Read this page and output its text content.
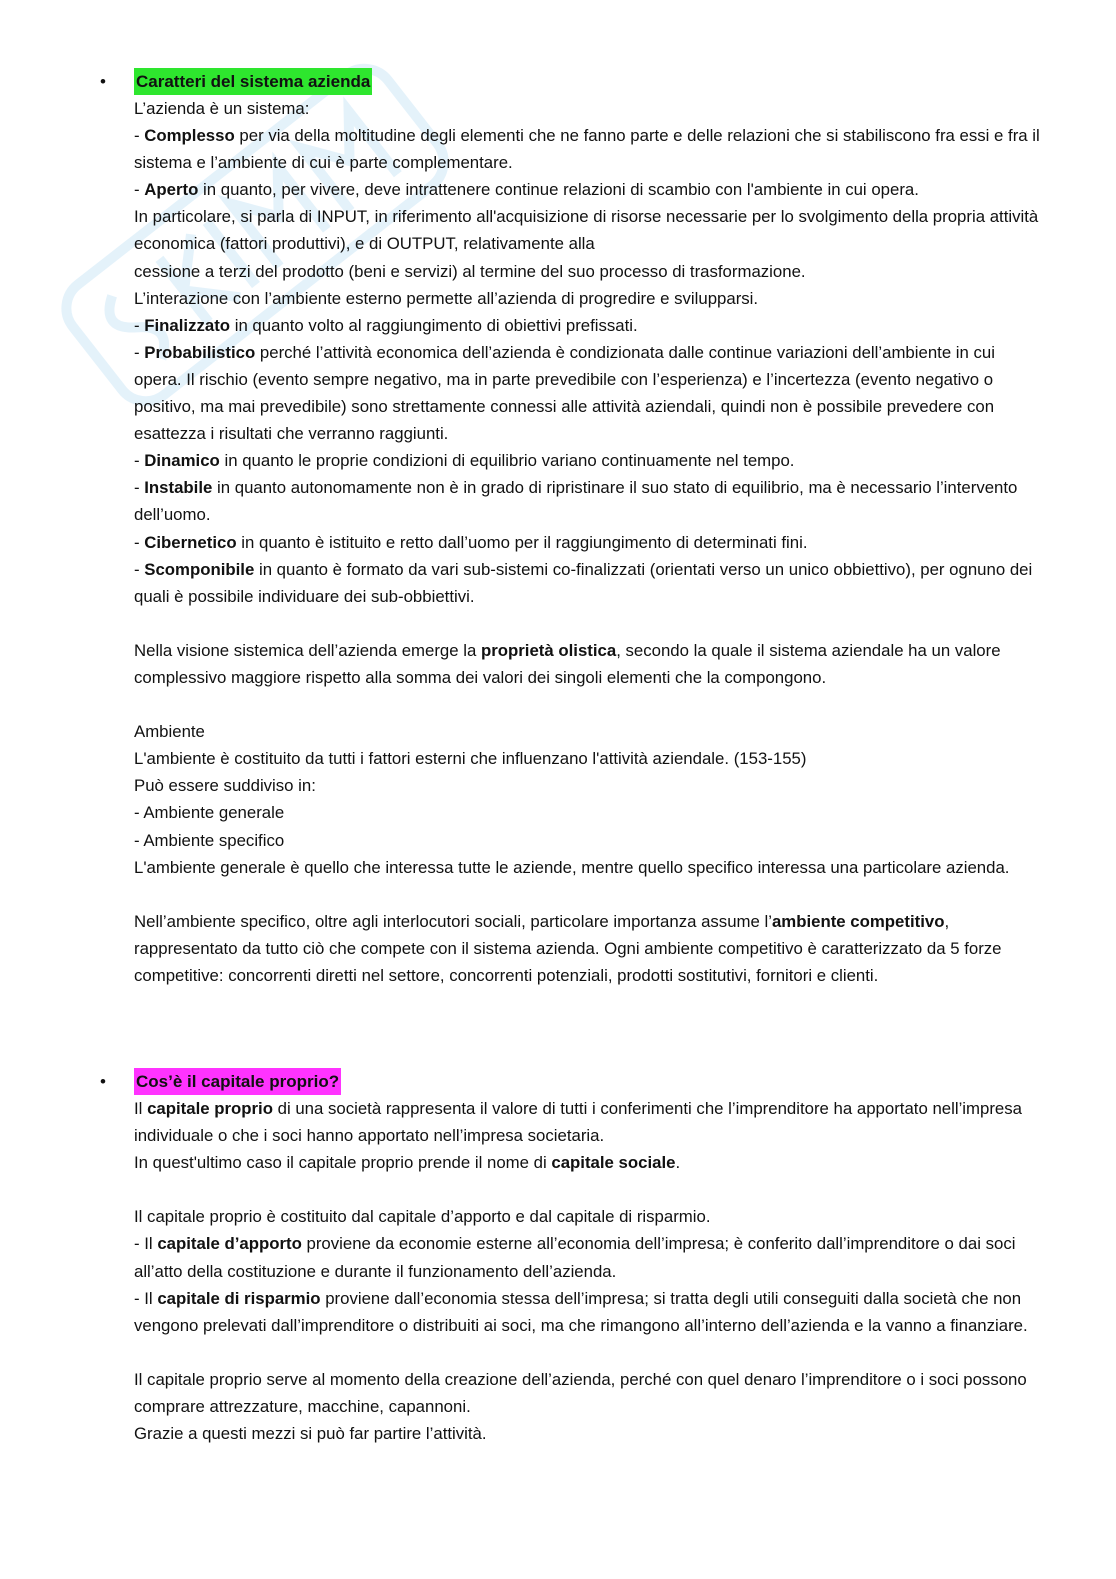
•	Caratteri del sistema azienda

L’azienda è un sistema:

- Complesso per via della moltitudine degli elementi che ne fanno parte e delle relazioni che si stabiliscono fra essi e fra il sistema e l’ambiente di cui è parte complementare.

- Aperto in quanto, per vivere, deve intrattenere continue relazioni di scambio con l'ambiente in cui opera.

In particolare, si parla di INPUT, in riferimento all'acquisizione di risorse necessarie per lo svolgimento della propria attività economica (fattori produttivi), e di OUTPUT, relativamente alla

cessione a terzi del prodotto (beni e servizi) al termine del suo processo di trasformazione.

L’interazione con l’ambiente esterno permette all’azienda di progredire e svilupparsi.

- Finalizzato in quanto volto al raggiungimento di obiettivi prefissati.

- Probabilistico perché l’attività economica dell’azienda è condizionata dalle continue variazioni dell’ambiente in cui opera. Il rischio (evento sempre negativo, ma in parte prevedibile con l’esperienza) e l’incertezza (evento negativo o positivo, ma mai prevedibile) sono strettamente connessi alle attività aziendali, quindi non è possibile prevedere con esattezza i risultati che verranno raggiunti.

- Dinamico in quanto le proprie condizioni di equilibrio variano continuamente nel tempo.

- Instabile in quanto autonomamente non è in grado di ripristinare il suo stato di equilibrio, ma è necessario l’intervento dell’uomo.

- Cibernetico in quanto è istituito e retto dall’uomo per il raggiungimento di determinati fini.

- Scomponibile in quanto è formato da vari sub-sistemi co-finalizzati (orientati verso un unico obbiettivo), per ognuno dei quali è possibile individuare dei sub-obbiettivi.

Nella visione sistemica dell’azienda emerge la proprietà olistica, secondo la quale il sistema aziendale ha un valore complessivo maggiore rispetto alla somma dei valori dei singoli elementi che la compongono.

Ambiente

L'ambiente è costituito da tutti i fattori esterni che influenzano l'attività aziendale. (153-155)

Può essere suddiviso in:

- Ambiente generale

- Ambiente specifico

L'ambiente generale è quello che interessa tutte le aziende, mentre quello specifico interessa una particolare azienda.

Nell’ambiente specifico, oltre agli interlocutori sociali, particolare importanza assume l’ambiente competitivo, rappresentato da tutto ciò che compete con il sistema azienda. Ogni ambiente competitivo è caratterizzato da 5 forze competitive: concorrenti diretti nel settore, concorrenti potenziali, prodotti sostitutivi, fornitori e clienti.

•	Cos’è il capitale proprio?

Il capitale proprio di una società rappresenta il valore di tutti i conferimenti che l’imprenditore ha apportato nell’impresa individuale o che i soci hanno apportato nell’impresa societaria.

In quest'ultimo caso il capitale proprio prende il nome di capitale sociale.

Il capitale proprio è costituito dal capitale d’apporto e dal capitale di risparmio.

- Il capitale d’apporto proviene da economie esterne all’economia dell’impresa; è conferito dall’imprenditore o dai soci all’atto della costituzione e durante il funzionamento dell’azienda.

- Il capitale di risparmio proviene dall’economia stessa dell’impresa; si tratta degli utili conseguiti dalla società che non vengono prelevati dall’imprenditore o distribuiti ai soci, ma che rimangono all’interno dell’azienda e la vanno a finanziare.

Il capitale proprio serve al momento della creazione dell’azienda, perché con quel denaro l’imprenditore o i soci possono comprare attrezzature, macchine, capannoni.

Grazie a questi mezzi si può far partire l’attività.
